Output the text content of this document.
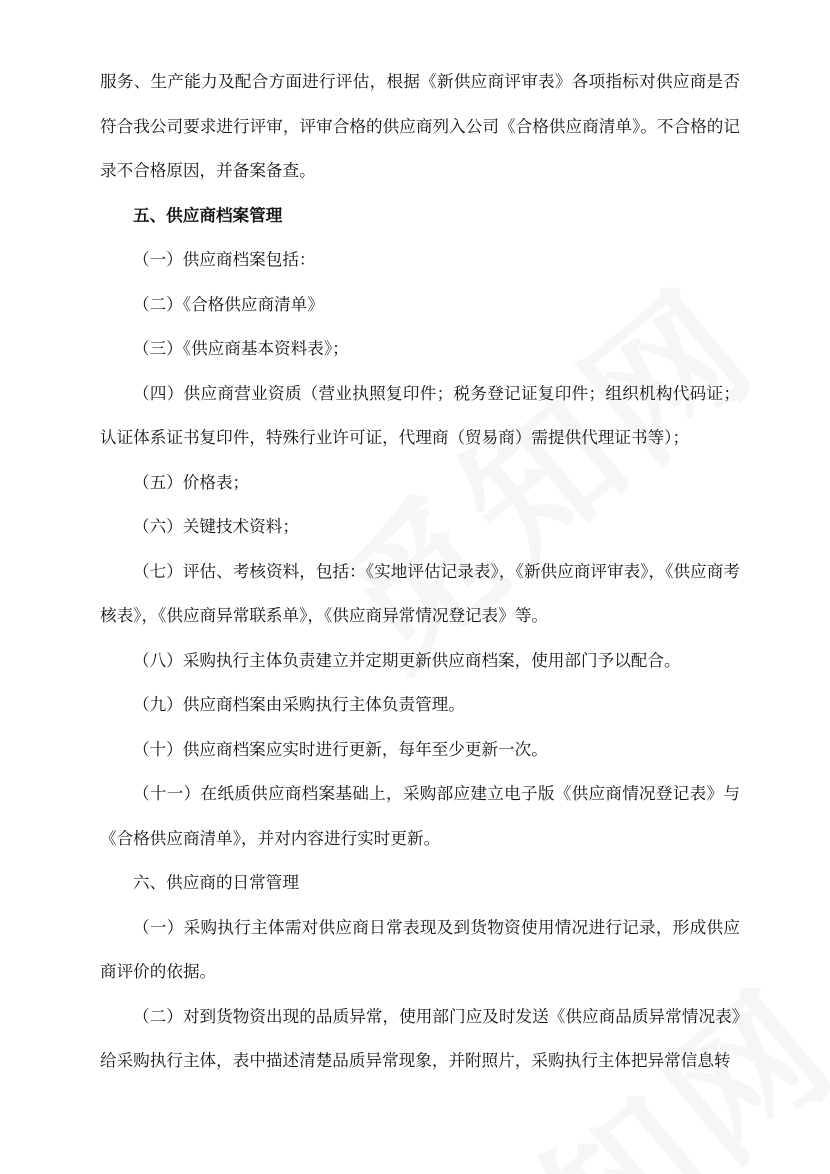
服务、生产能力及配合方面进行评估，根据《新供应商评审表》各项指标对供应商是否符合我公司要求进行评审，评审合格的供应商列入公司《合格供应商清单》。不合格的记录不合格原因，并备案备查。

五、供应商档案管理

（一）供应商档案包括：

（二）《合格供应商清单》

（三）《供应商基本资料表》；

（四）供应商营业资质（营业执照复印件；税务登记证复印件；组织机构代码证；认证体系证书复印件，特殊行业许可证，代理商（贸易商）需提供代理证书等）；

（五）价格表；

（六）关键技术资料；

（七）评估、考核资料，包括：《实地评估记录表》，《新供应商评审表》，《供应商考核表》，《供应商异常联系单》，《供应商异常情况登记表》等。

（八）采购执行主体负责建立并定期更新供应商档案，使用部门予以配合。

（九）供应商档案由采购执行主体负责管理。

（十）供应商档案应实时进行更新，每年至少更新一次。

（十一）在纸质供应商档案基础上，采购部应建立电子版《供应商情况登记表》与《合格供应商清单》，并对内容进行实时更新。

六、供应商的日常管理

（一）采购执行主体需对供应商日常表现及到货物资使用情况进行记录，形成供应商评价的依据。

（二）对到货物资出现的品质异常，使用部门应及时发送《供应商品质异常情况表》给采购执行主体，表中描述清楚品质异常现象，并附照片，采购执行主体把异常信息转
